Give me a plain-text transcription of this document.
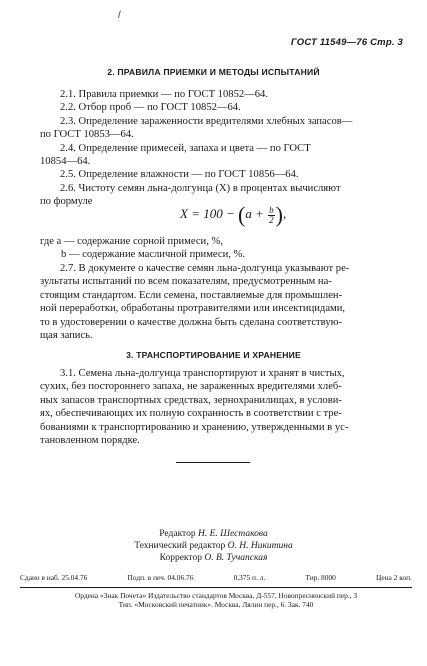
/
ГОСТ 11549—76 Стр. 3
2. ПРАВИЛА ПРИЕМКИ И МЕТОДЫ ИСПЫТАНИЙ
2.1. Правила приемки — по ГОСТ 10852—64.
2.2. Отбор проб — по ГОСТ 10852—64.
2.3. Определение зараженности вредителями хлебных запасов—
по ГОСТ 10853—64.
2.4. Определение примесей, запаха и цвета — по ГОСТ
10854—64.
2.5. Определение влажности — по ГОСТ 10856—64.
2.6. Чистоту семян льна-долгунца (X) в процентах вычисляют
по формуле
$X = 100 - (a + \frac{b}{2}$ ),
где a — содержание сорной примеси, %,
b — содержание масличной примеси, %.
2.7. В документе о качестве семян льна-долгунца указывают ре-
зультаты испытаний по всем показателям, предусмотренным на-
стоящим стандартом. Если семена, поставляемые для промышлен-
ной переработки, обработаны протравителями или инсектицидами,
то в удостоверении о качестве должна быть сделана соответствую-
щая запись.
3. ТРАНСПОРТИРОВАНИЕ И ХРАНЕНИЕ
3.1. Семена льна-долгунца транспортируют и хранят в чистых,
сухих, без постороннего запаха, не зараженных вредителями хлеб-
ных запасов транспортных средствах, зернохранилищах, в услови-
ях, обеспечивающих их полную сохранность в соответствии с тре-
бованиями к транспортированию и хранению, утвержденными в ус-
тановленном порядке.
Редактор Н. Е. Шестакова
Технический редактор О. Н. Никитина
Корректор О. В. Тучапская
Сдано в наб. 25.04.76	Подп. в печ. 04.06.76	0,375 п. л.	Тир. 8000	Цена 2 коп.
Ордена «Знак Почета» Издательство стандартов Москва, Д-557, Новопресненский пер., 3
Тип. «Московский печатник». Москва, Лялин пер., 6. Зак. 740
